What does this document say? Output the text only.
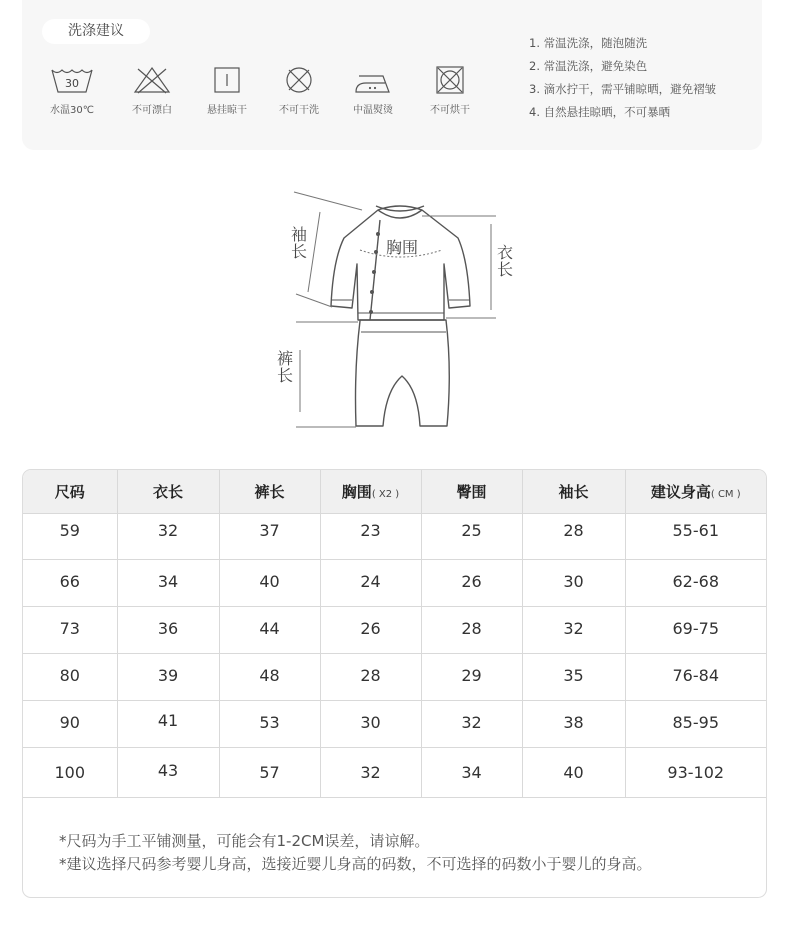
洗涤建议
30
水温30℃	不可漂白	悬挂晾干	不可干洗	中温熨烫	不可烘干
1. 常温洗涤，随泡随洗
2. 常温洗涤，避免染色
3. 滴水拧干，需平铺晾晒，避免褶皱
4. 自然悬挂晾晒，不可暴晒
袖长	胸围	衣长
裤长
尺码	衣长	裤长	胸围( X2 )	臀围	袖长	建议身高( CM )

59	32	37	23	25	28	55-61

66	34	40	24	26	30	62-68

73	36	44	26	28	32	69-75

80	39	48	28	29	35	76-84

90	41	53	30	32	38	85-95

100	43	57	32	34	40	93-102
*尺码为手工平铺测量，可能会有1-2CM误差，请谅解。
*建议选择尺码参考婴儿身高，选接近婴儿身高的码数，不可选择的码数小于婴儿的身高。
